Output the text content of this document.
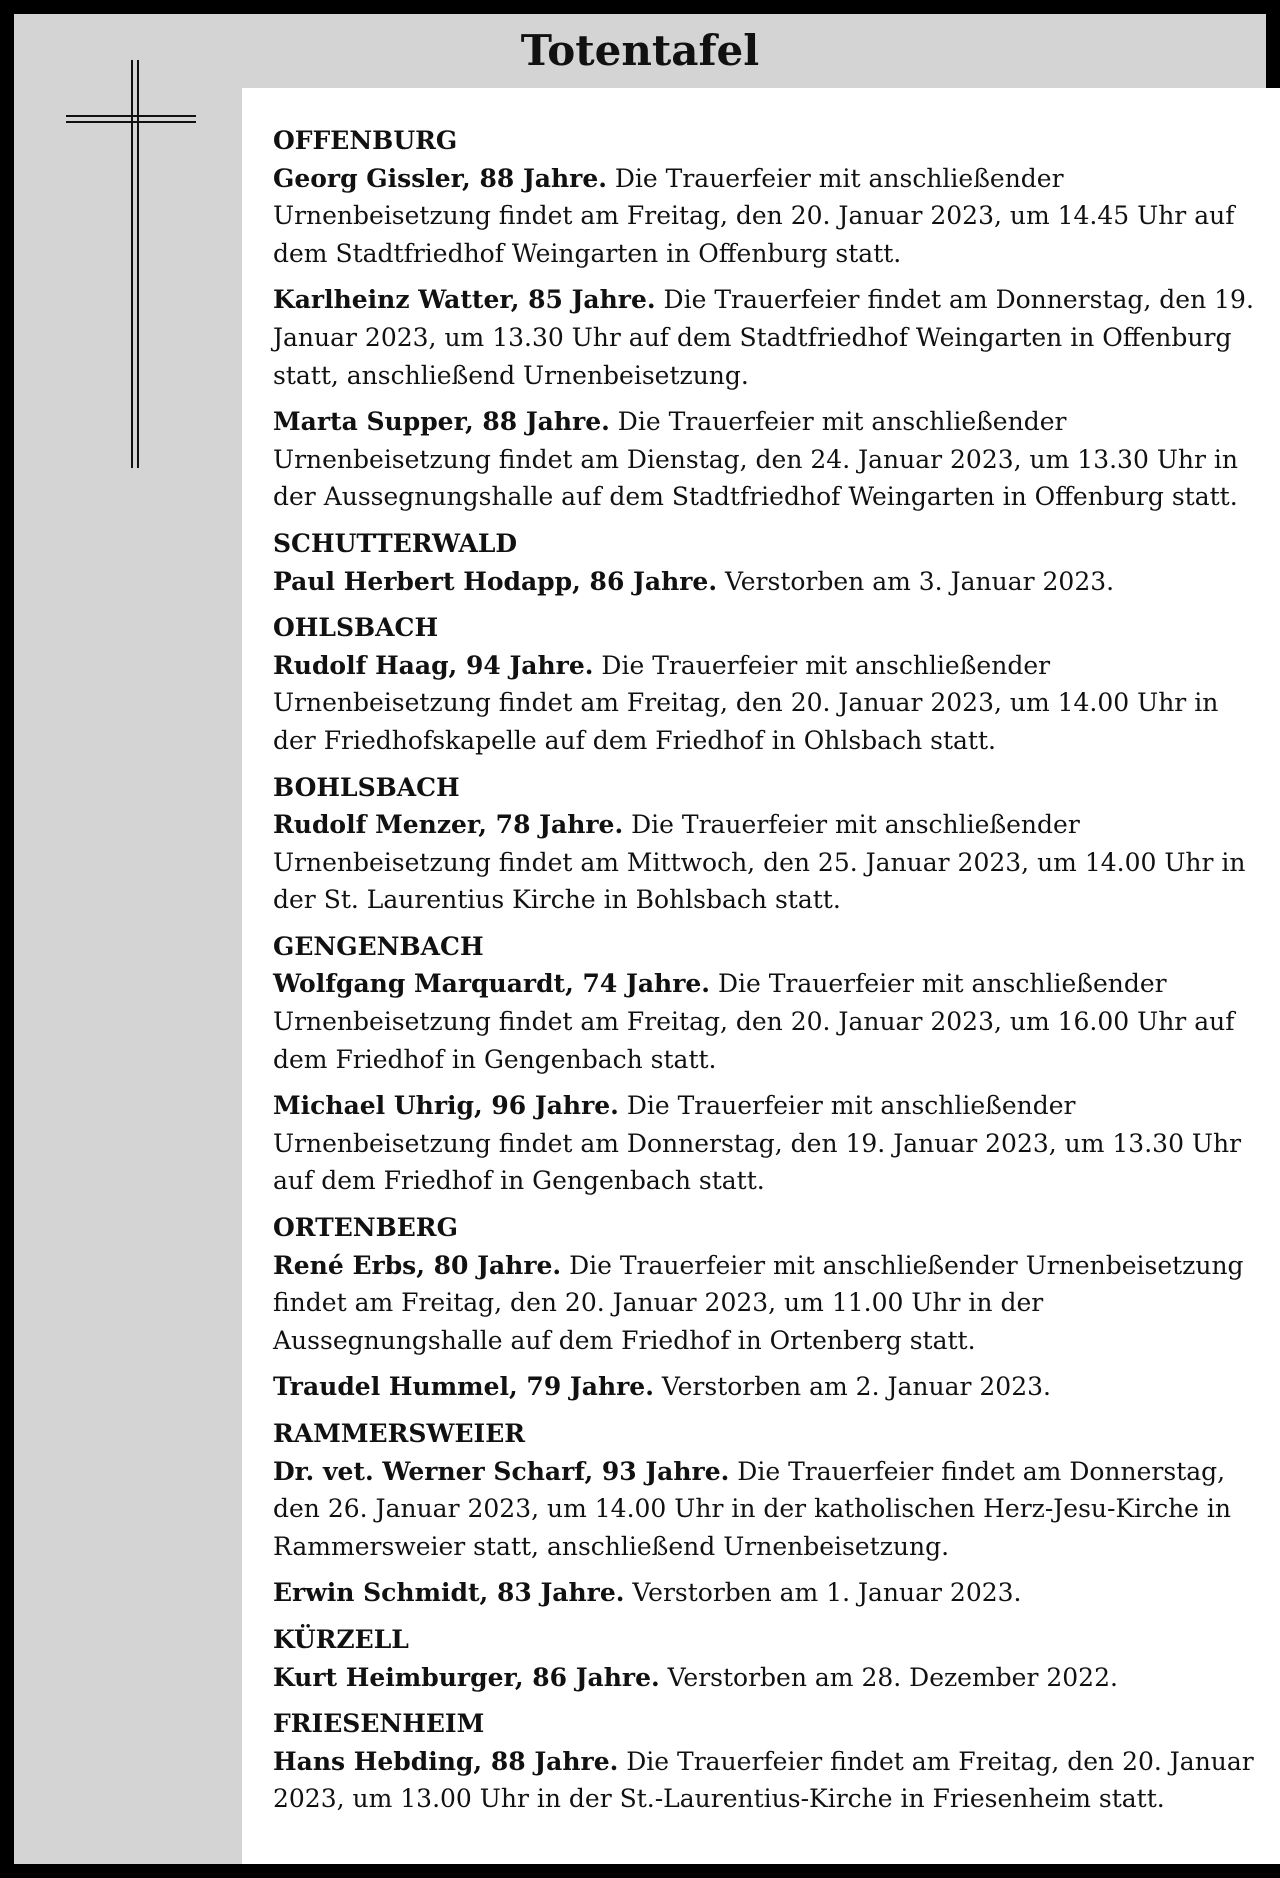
Totentafel
OFFENBURG
Georg Gissler, 88 Jahre. Die Trauerfeier mit anschließender Urnenbeisetzung findet am Freitag, den 20. Januar 2023, um 14.45 Uhr auf dem Stadtfriedhof Weingarten in Offenburg statt.
Karlheinz Watter, 85 Jahre. Die Trauerfeier findet am Donnerstag, den 19. Januar 2023, um 13.30 Uhr auf dem Stadtfriedhof Weingarten in Offenburg statt, anschließend Urnenbeisetzung.
Marta Supper, 88 Jahre. Die Trauerfeier mit anschließender Urnenbeisetzung findet am Dienstag, den 24. Januar 2023, um 13.30 Uhr in der Aussegnungshalle auf dem Stadtfriedhof Weingarten in Offenburg statt.
SCHUTTERWALD
Paul Herbert Hodapp, 86 Jahre. Verstorben am 3. Januar 2023.
OHLSBACH
Rudolf Haag, 94 Jahre. Die Trauerfeier mit anschließender Urnenbeisetzung findet am Freitag, den 20. Januar 2023, um 14.00 Uhr in der Friedhofskapelle auf dem Friedhof in Ohlsbach statt.
BOHLSBACH
Rudolf Menzer, 78 Jahre. Die Trauerfeier mit anschließender Urnenbeisetzung findet am Mittwoch, den 25. Januar 2023, um 14.00 Uhr in der St. Laurentius Kirche in Bohlsbach statt.
GENGENBACH
Wolfgang Marquardt, 74 Jahre. Die Trauerfeier mit anschließender Urnenbeisetzung findet am Freitag, den 20. Januar 2023, um 16.00 Uhr auf dem Friedhof in Gengenbach statt.
Michael Uhrig, 96 Jahre. Die Trauerfeier mit anschließender Urnenbeisetzung findet am Donnerstag, den 19. Januar 2023, um 13.30 Uhr auf dem Friedhof in Gengenbach statt.
ORTENBERG
René Erbs, 80 Jahre. Die Trauerfeier mit anschließender Urnenbeisetzung findet am Freitag, den 20. Januar 2023, um 11.00 Uhr in der Aussegnungshalle auf dem Friedhof in Ortenberg statt.
Traudel Hummel, 79 Jahre. Verstorben am 2. Januar 2023.
RAMMERSWEIER
Dr. vet. Werner Scharf, 93 Jahre. Die Trauerfeier findet am Donnerstag, den 26. Januar 2023, um 14.00 Uhr in der katholischen Herz-Jesu-Kirche in Rammersweier statt, anschließend Urnenbeisetzung.
Erwin Schmidt, 83 Jahre. Verstorben am 1. Januar 2023.
KÜRZELL
Kurt Heimburger, 86 Jahre. Verstorben am 28. Dezember 2022.
FRIESENHEIM
Hans Hebding, 88 Jahre. Die Trauerfeier findet am Freitag, den 20. Januar 2023, um 13.00 Uhr in der St.-Laurentius-Kirche in Friesenheim statt.
